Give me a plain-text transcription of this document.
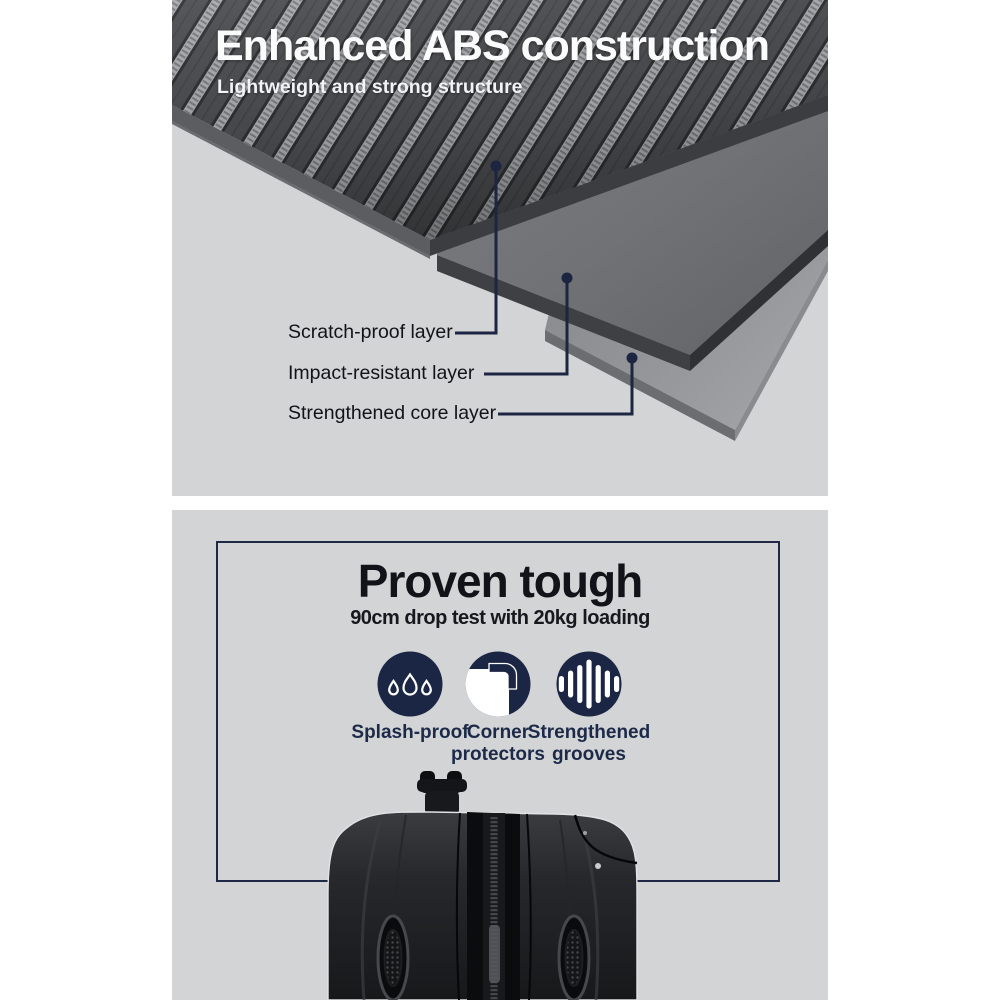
Enhanced ABS construction
Lightweight and strong structure
Scratch-proof layer
Impact-resistant layer
Strengthened core layer
Proven tough
90cm drop test with 20kg loading
Splash-proof
Corner protectors
Strengthened grooves
